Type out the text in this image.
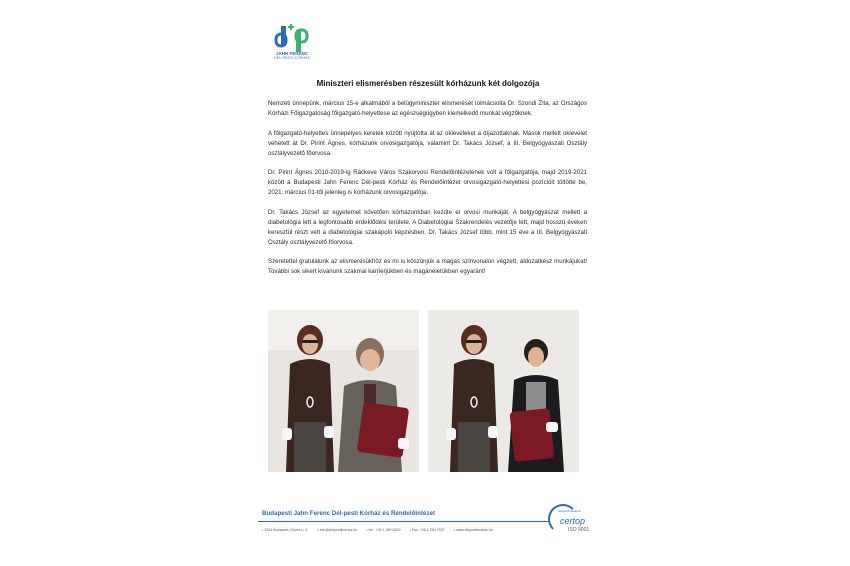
JAHN FERENC
DÉL-PESTI KÓRHÁZ
Miniszteri elismerésben részesült kórházunk két dolgozója

Nemzeti ünnepünk, március 15-e alkalmából a belügyminiszter elismerését tolmácsolta Dr. Szondi Zita, az Országos Kórházi Főigazgatóság főigazgató-helyettese az egészségügyben kiemelkedő munkát végzőknek.

A főigazgató-helyettes ünnepélyes keretek között nyújtotta át az okleveleket a díjazottaknak. Mások mellett oklevelet vehetett át Dr. Pirint Ágnes, kórházunk orvosigazgatója, valamint Dr. Takács József, a III. Belgyógyászati Osztály osztályvezető főorvosa.

Dr. Pirint Ágnes 2010-2019-ig Ráckeve Város Szakorvosi Rendelőintézetének volt a főigazgatója, majd 2019-2021 között a Budapesti Jahn Ferenc Dél-pesti Kórház és Rendelőintézet orvosigazgató-helyettesi pozícióit töltötte be, 2021. március 01-től jelenleg is kórházunk orvosigazgatója.

Dr. Takács József az egyetemet követően kórházunkban kezdte el orvosi munkáját. A belgyógyászat mellett a diabetológia lett a legfontosabb érdeklődési területe. A Diabetológiai Szakrendelés vezetője lett, majd hosszú éveken keresztül részt vett a diabetológiai szakápoló képzésben. Dr. Takács József több, mint 15 éve a III. Belgyógyászati Osztály osztályvezető főorvosa.

Szeretettel gratulálunk az elismerésükhöz és mi is köszönjük a magas színvonalon végzett, áldozatkész munkájukat! További sok sikert kívánunk szakmai karrierjükben és magánéletükben egyaránt!

Budapesti Jahn Ferenc Dél-pesti Kórház és Rendelőintézet
• 1204 Budapest, Köves u. 1.	• info@delpestikorhaz.hu	• tel.: +36 1 289 6200	• Fax: +36 1 284 7937	• www.delpestikorhaz.hu
Tanúsított Rendszer
certop
ISO 9001
